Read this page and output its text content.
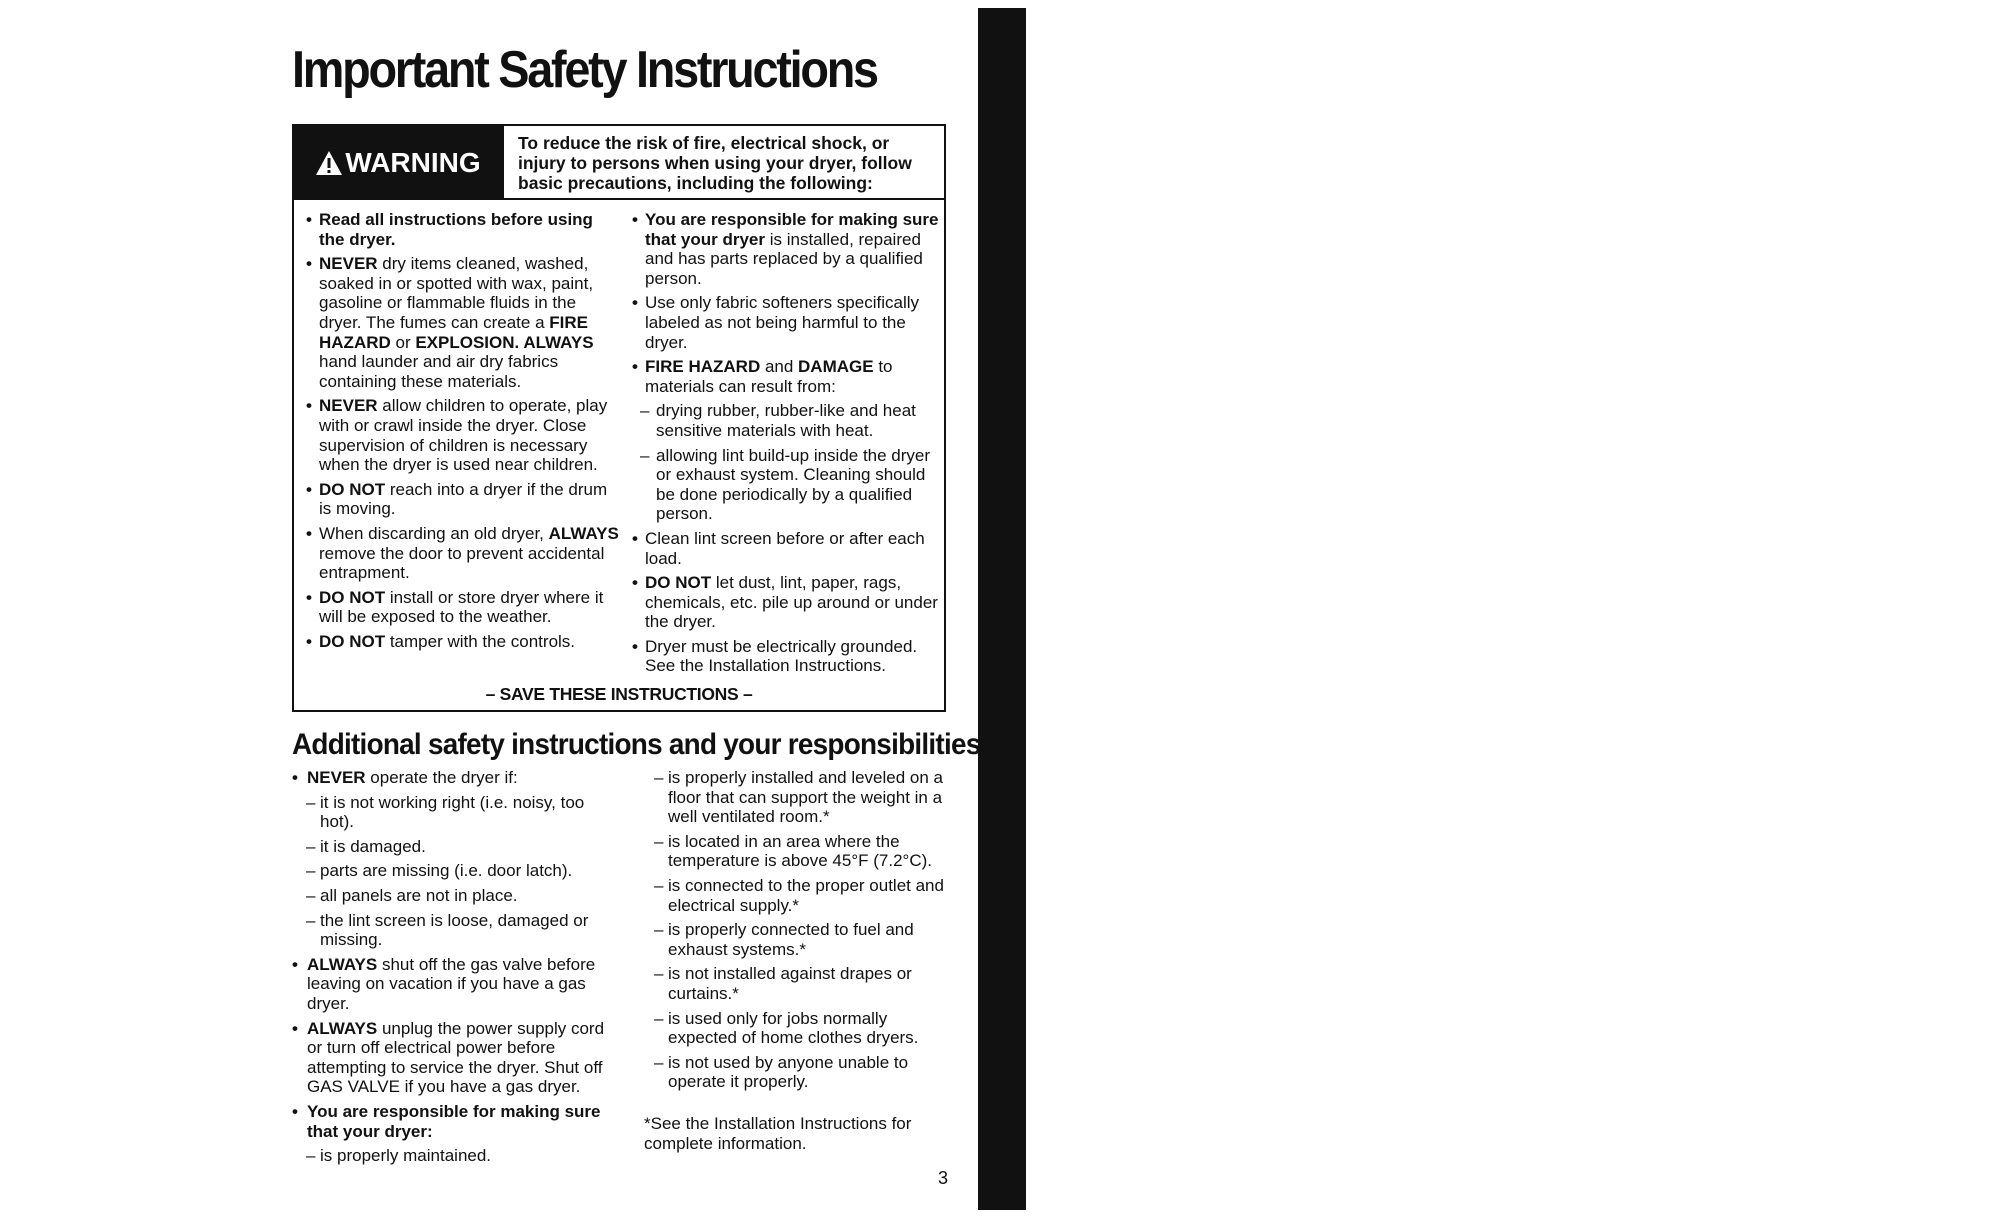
Important Safety Instructions	IMPORTANT SAFETY INSTRUCTIONS
WARNING
To reduce the risk of fire, electrical shock, or injury to persons when using your dryer, follow basic precautions, including the following:
• Read all instructions before using the dryer.
• NEVER dry items cleaned, washed, soaked in or spotted with wax, paint, gasoline or flammable fluids in the dryer. The fumes can create a FIRE HAZARD or EXPLOSION. ALWAYS hand launder and air dry fabrics containing these materials.
• NEVER allow children to operate, play with or crawl inside the dryer. Close supervision of children is necessary when the dryer is used near children.
• DO NOT reach into a dryer if the drum is moving.
• When discarding an old dryer, ALWAYS remove the door to prevent accidental entrapment.
• DO NOT install or store dryer where it will be exposed to the weather.
• DO NOT tamper with the controls.
• You are responsible for making sure that your dryer is installed, repaired and has parts replaced by a qualified person.
• Use only fabric softeners specifically labeled as not being harmful to the dryer.
• FIRE HAZARD and DAMAGE to materials can result from:
– drying rubber, rubber-like and heat sensitive materials with heat.
– allowing lint build-up inside the dryer or exhaust system. Cleaning should be done periodically by a qualified person.
• Clean lint screen before or after each load.
• DO NOT let dust, lint, paper, rags, chemicals, etc. pile up around or under the dryer.
• Dryer must be electrically grounded. See the Installation Instructions.
– SAVE THESE INSTRUCTIONS –
Additional safety instructions and your responsibilities
• NEVER operate the dryer if:
– it is not working right (i.e. noisy, too hot).
– it is damaged.
– parts are missing (i.e. door latch).
– all panels are not in place.
– the lint screen is loose, damaged or missing.
• ALWAYS shut off the gas valve before leaving on vacation if you have a gas dryer.
• ALWAYS unplug the power supply cord or turn off electrical power before attempting to service the dryer. Shut off GAS VALVE if you have a gas dryer.
• You are responsible for making sure that your dryer:
– is properly maintained.
– is properly installed and leveled on a floor that can support the weight in a well ventilated room.*
– is located in an area where the temperature is above 45°F (7.2°C).
– is connected to the proper outlet and electrical supply.*
– is properly connected to fuel and exhaust systems.*
– is not installed against drapes or curtains.*
– is used only for jobs normally expected of home clothes dryers.
– is not used by anyone unable to operate it properly.
*See the Installation Instructions for complete information.
3
